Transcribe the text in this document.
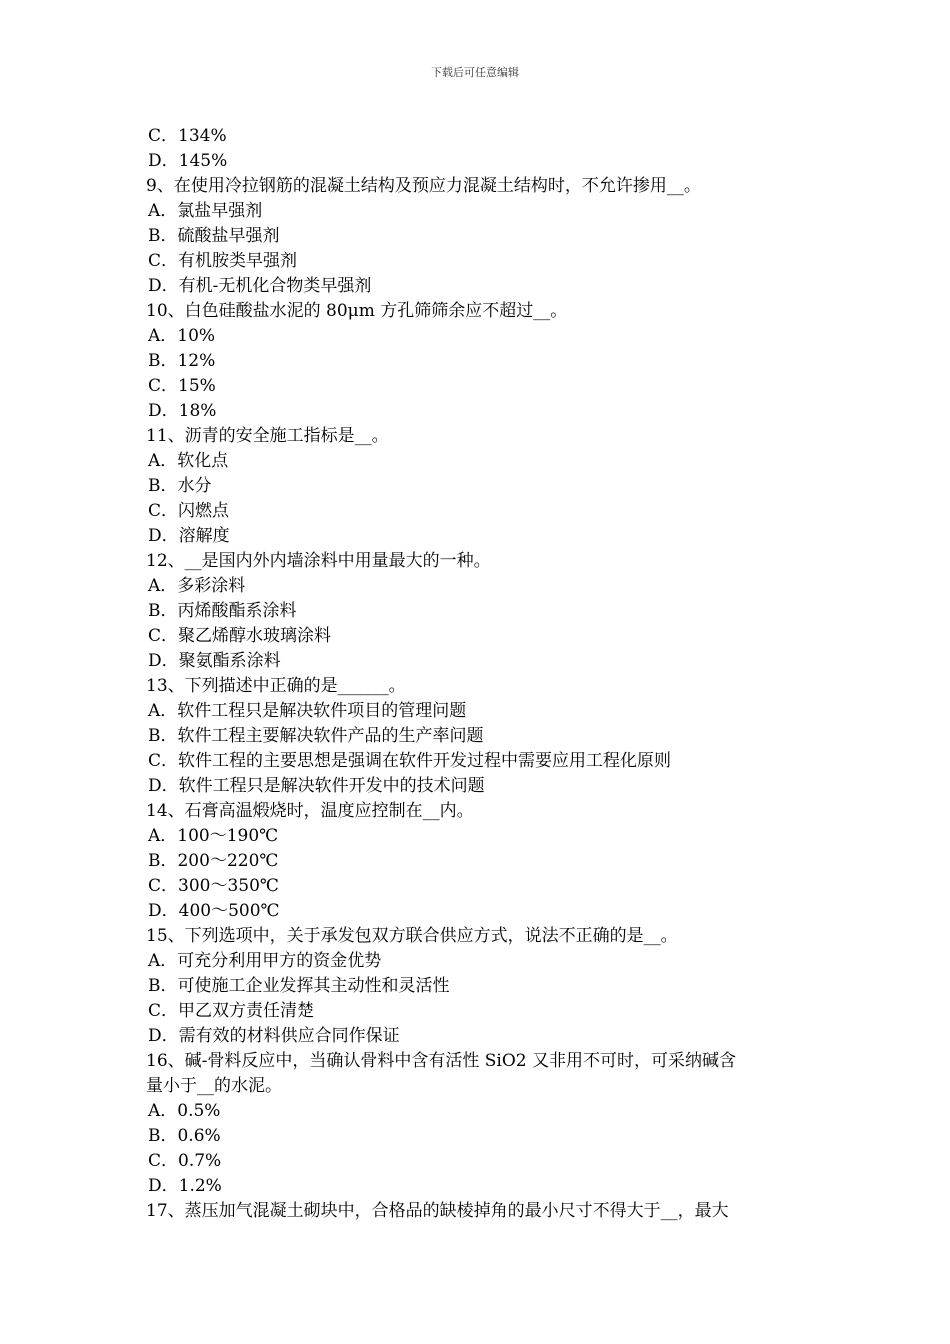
下载后可任意编辑
C．134%
D．145%
9、在使用冷拉钢筋的混凝土结构及预应力混凝土结构时，不允许掺用__。
A．氯盐早强剂
B．硫酸盐早强剂
C．有机胺类早强剂
D．有机-无机化合物类早强剂
10、白色硅酸盐水泥的 80μm 方孔筛筛余应不超过__。
A．10%
B．12%
C．15%
D．18%
11、沥青的安全施工指标是__。
A．软化点
B．水分
C．闪燃点
D．溶解度
12、__是国内外内墙涂料中用量最大的一种。
A．多彩涂料
B．丙烯酸酯系涂料
C．聚乙烯醇水玻璃涂料
D．聚氨酯系涂料
13、下列描述中正确的是______。
A．软件工程只是解决软件项目的管理问题
B．软件工程主要解决软件产品的生产率问题
C．软件工程的主要思想是强调在软件开发过程中需要应用工程化原则
D．软件工程只是解决软件开发中的技术问题
14、石膏高温煅烧时，温度应控制在__内。
A．100～190℃
B．200～220℃
C．300～350℃
D．400～500℃
15、下列选项中，关于承发包双方联合供应方式，说法不正确的是__。
A．可充分利用甲方的资金优势
B．可使施工企业发挥其主动性和灵活性
C．甲乙双方责任清楚
D．需有效的材料供应合同作保证
16、碱-骨料反应中，当确认骨料中含有活性 SiO2 又非用不可时，可采纳碱含
量小于__的水泥。
A．0.5%
B．0.6%
C．0.7%
D．1.2%
17、蒸压加气混凝土砌块中，合格品的缺棱掉角的最小尺寸不得大于__，最大
